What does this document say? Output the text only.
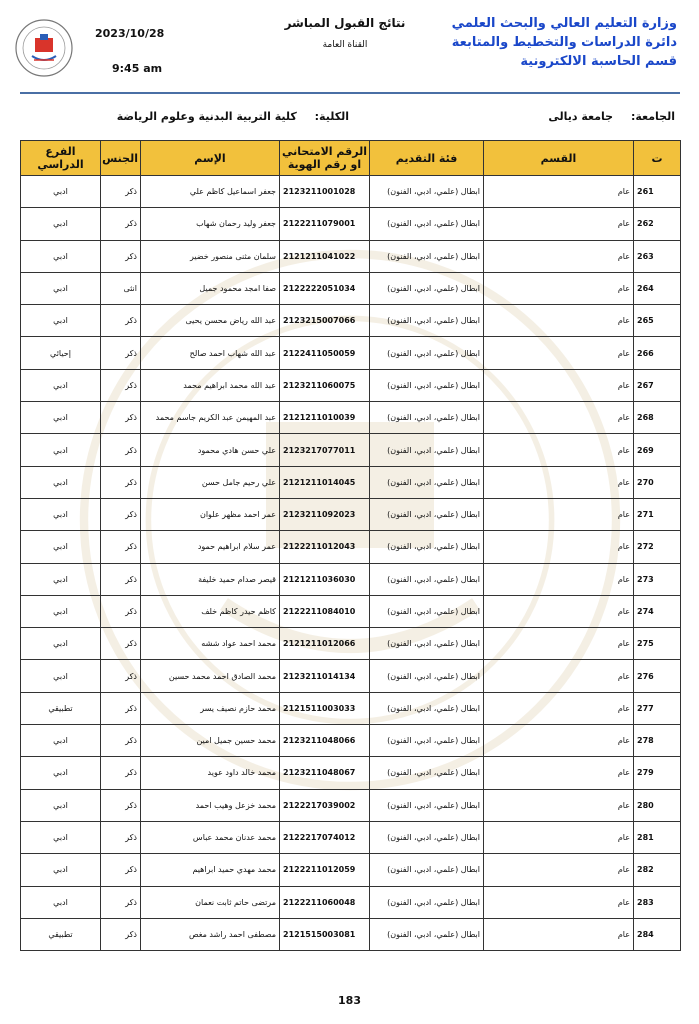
وزارة التعليم العالي والبحث العلمي
دائرة الدراسات والتخطيط والمتابعة
قسم الحاسبة الالكترونية
نتائج القبول المباشر
القناة العامة
2023/10/28
9:45 am
الجامعة: جامعة ديالى
الكلية: كلية التربية البدنية وعلوم الرياضة
ت	القسم	فئة التقديم	الرقم الامتحاني او رقم الهوية	الإسم	الجنس	الفرع الدراسي
261	عام	ابطال (علمي، ادبي، الفنون)	2123211001028	جعفر اسماعيل كاظم علي	ذكر	ادبي
262	عام	ابطال (علمي، ادبي، الفنون)	2122211079001	جعفر وليد رحمان شهاب	ذكر	ادبي
263	عام	ابطال (علمي، ادبي، الفنون)	2121211041022	سلمان مثنى منصور خضير	ذكر	ادبي
264	عام	ابطال (علمي، ادبي، الفنون)	2122222051034	صفا امجد محمود جميل	انثى	ادبي
265	عام	ابطال (علمي، ادبي، الفنون)	2123215007066	عبد الله رياض محسن يحيى	ذكر	ادبي
266	عام	ابطال (علمي، ادبي، الفنون)	2122411050059	عبد الله شهاب احمد صالح	ذكر	إحيائي
267	عام	ابطال (علمي، ادبي، الفنون)	2123211060075	عبد الله محمد ابراهيم محمد	ذكر	ادبي
268	عام	ابطال (علمي، ادبي، الفنون)	2121211010039	عبد المهيمن عبد الكريم جاسم محمد	ذكر	ادبي
269	عام	ابطال (علمي، ادبي، الفنون)	2123217077011	علي حسن هادي محمود	ذكر	ادبي
270	عام	ابطال (علمي، ادبي، الفنون)	2121211014045	علي رحيم جامل حسن	ذكر	ادبي
271	عام	ابطال (علمي، ادبي، الفنون)	2123211092023	عمر احمد مظهر علوان	ذكر	ادبي
272	عام	ابطال (علمي، ادبي، الفنون)	2122211012043	عمر سلام ابراهيم حمود	ذكر	ادبي
273	عام	ابطال (علمي، ادبي، الفنون)	2121211036030	قيصر صدام حميد خليفة	ذكر	ادبي
274	عام	ابطال (علمي، ادبي، الفنون)	2122211084010	كاظم حيدر كاظم خلف	ذكر	ادبي
275	عام	ابطال (علمي، ادبي، الفنون)	2121211012066	محمد احمد عواد ششه	ذكر	ادبي
276	عام	ابطال (علمي، ادبي، الفنون)	2123211014134	محمد الصادق احمد محمد حسين	ذكر	ادبي
277	عام	ابطال (علمي، ادبي، الفنون)	2121511003033	محمد حازم نصيف يسر	ذكر	تطبيقي
278	عام	ابطال (علمي، ادبي، الفنون)	2123211048066	محمد حسين جميل امين	ذكر	ادبي
279	عام	ابطال (علمي، ادبي، الفنون)	2123211048067	محمد خالد داود عويد	ذكر	ادبي
280	عام	ابطال (علمي، ادبي، الفنون)	2122217039002	محمد خزعل وهيب احمد	ذكر	ادبي
281	عام	ابطال (علمي، ادبي، الفنون)	2122217074012	محمد عدنان محمد عباس	ذكر	ادبي
282	عام	ابطال (علمي، ادبي، الفنون)	2122211012059	محمد مهدي حميد ابراهيم	ذكر	ادبي
283	عام	ابطال (علمي، ادبي، الفنون)	2122211060048	مرتضى حاتم ثابت نعمان	ذكر	ادبي
284	عام	ابطال (علمي، ادبي، الفنون)	2121515003081	مصطفى احمد راشد مغص	ذكر	تطبيقي
183
